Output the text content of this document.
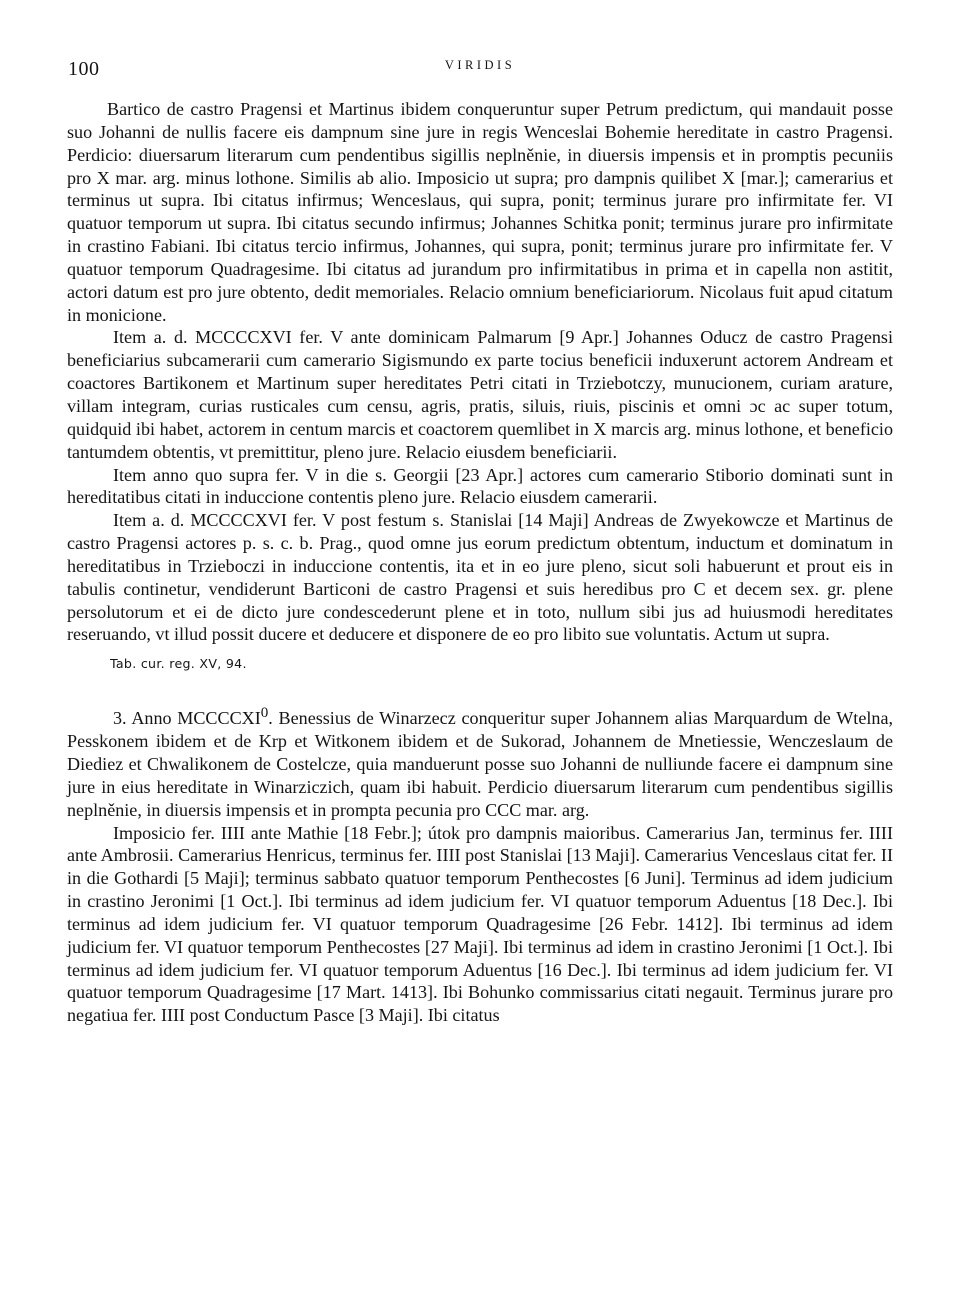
100	VIRIDIS

Bartico de castro Pragensi et Martinus ibidem conqueruntur super Petrum predictum, qui mandauit posse suo Johanni de nullis facere eis dampnum sine jure in regis Wenceslai Bohemie hereditate in castro Pragensi. Perdicio: diuersarum literarum cum pendentibus sigillis neplněnie, in diuersis impensis et in promptis pecuniis pro X mar. arg. minus lothone. Similis ab alio. Imposicio ut supra; pro dampnis quilibet X [mar.]; camerarius et terminus ut supra. Ibi citatus infirmus; Wenceslaus, qui supra, ponit; terminus jurare pro infirmitate fer. VI quatuor temporum ut supra. Ibi citatus secundo infirmus; Johannes Schitka ponit; terminus jurare pro infirmitate in crastino Fabiani. Ibi citatus tercio infirmus, Johannes, qui supra, ponit; terminus jurare pro infirmitate fer. V quatuor temporum Quadragesime. Ibi citatus ad jurandum pro infirmitatibus in prima et in capella non astitit, actori datum est pro jure obtento, dedit memoriales. Relacio omnium beneficiariorum. Nicolaus fuit apud citatum in monicione.

Item a. d. MCCCCXVI fer. V ante dominicam Palmarum [9 Apr.] Johannes Oducz de castro Pragensi beneficiarius subcamerarii cum camerario Sigismundo ex parte tocius beneficii induxerunt actorem Andream et coactores Bartikonem et Martinum super hereditates Petri citati in Trziebotczy, munucionem, curiam arature, villam integram, curias rusticales cum censu, agris, pratis, siluis, riuis, piscinis et omni ɔc ac super totum, quidquid ibi habet, actorem in centum marcis et coactorem quemlibet in X marcis arg. minus lothone, et beneficio tantumdem obtentis, vt premittitur, pleno jure. Relacio eiusdem beneficiarii.

Item anno quo supra fer. V in die s. Georgii [23 Apr.] actores cum camerario Stiborio dominati sunt in hereditatibus citati in induccione contentis pleno jure. Relacio eiusdem camerarii.

Item a. d. MCCCCXVI fer. V post festum s. Stanislai [14 Maji] Andreas de Zwyekowcze et Martinus de castro Pragensi actores p. s. c. b. Prag., quod omne jus eorum predictum obtentum, inductum et dominatum in hereditatibus in Trzieboczi in induccione contentis, ita et in eo jure pleno, sicut soli habuerunt et prout eis in tabulis continetur, vendiderunt Barticoni de castro Pragensi et suis heredibus pro C et decem sex. gr. plene persolutorum et ei de dicto jure condescederunt plene et in toto, nullum sibi jus ad huiusmodi hereditates reseruando, vt illud possit ducere et deducere et disponere de eo pro libito sue voluntatis. Actum ut supra.

Tab. cur. reg. XV, 94.

3. Anno MCCCCXI$^0$. Benessius de Winarzecz conqueritur super Johannem alias Marquardum de Wtelna, Pesskonem ibidem et de Krp et Witkonem ibidem et de Sukorad, Johannem de Mnetiessie, Wenczeslaum de Diediez et Chwalikonem de Costelcze, quia manduerunt posse suo Johanni de nulliunde facere ei dampnum sine jure in eius hereditate in Winarziczich, quam ibi habuit. Perdicio diuersarum literarum cum pendentibus sigillis neplněnie, in diuersis impensis et in prompta pecunia pro CCC mar. arg.

Imposicio fer. IIII ante Mathie [18 Febr.]; útok pro dampnis maioribus. Camerarius Jan, terminus fer. IIII ante Ambrosii. Camerarius Henricus, terminus fer. IIII post Stanislai [13 Maji]. Camerarius Venceslaus citat fer. II in die Gothardi [5 Maji]; terminus sabbato quatuor temporum Penthecostes [6 Juni]. Terminus ad idem judicium in crastino Jeronimi [1 Oct.]. Ibi terminus ad idem judicium fer. VI quatuor temporum Aduentus [18 Dec.]. Ibi terminus ad idem judicium fer. VI quatuor temporum Quadragesime [26 Febr. 1412]. Ibi terminus ad idem judicium fer. VI quatuor temporum Penthecostes [27 Maji]. Ibi terminus ad idem in crastino Jeronimi [1 Oct.]. Ibi terminus ad idem judicium fer. VI quatuor temporum Aduentus [16 Dec.]. Ibi terminus ad idem judicium fer. VI quatuor temporum Quadragesime [17 Mart. 1413]. Ibi Bohunko commissarius citati negauit. Terminus jurare pro negatiua fer. IIII post Conductum Pasce [3 Maji]. Ibi citatus
